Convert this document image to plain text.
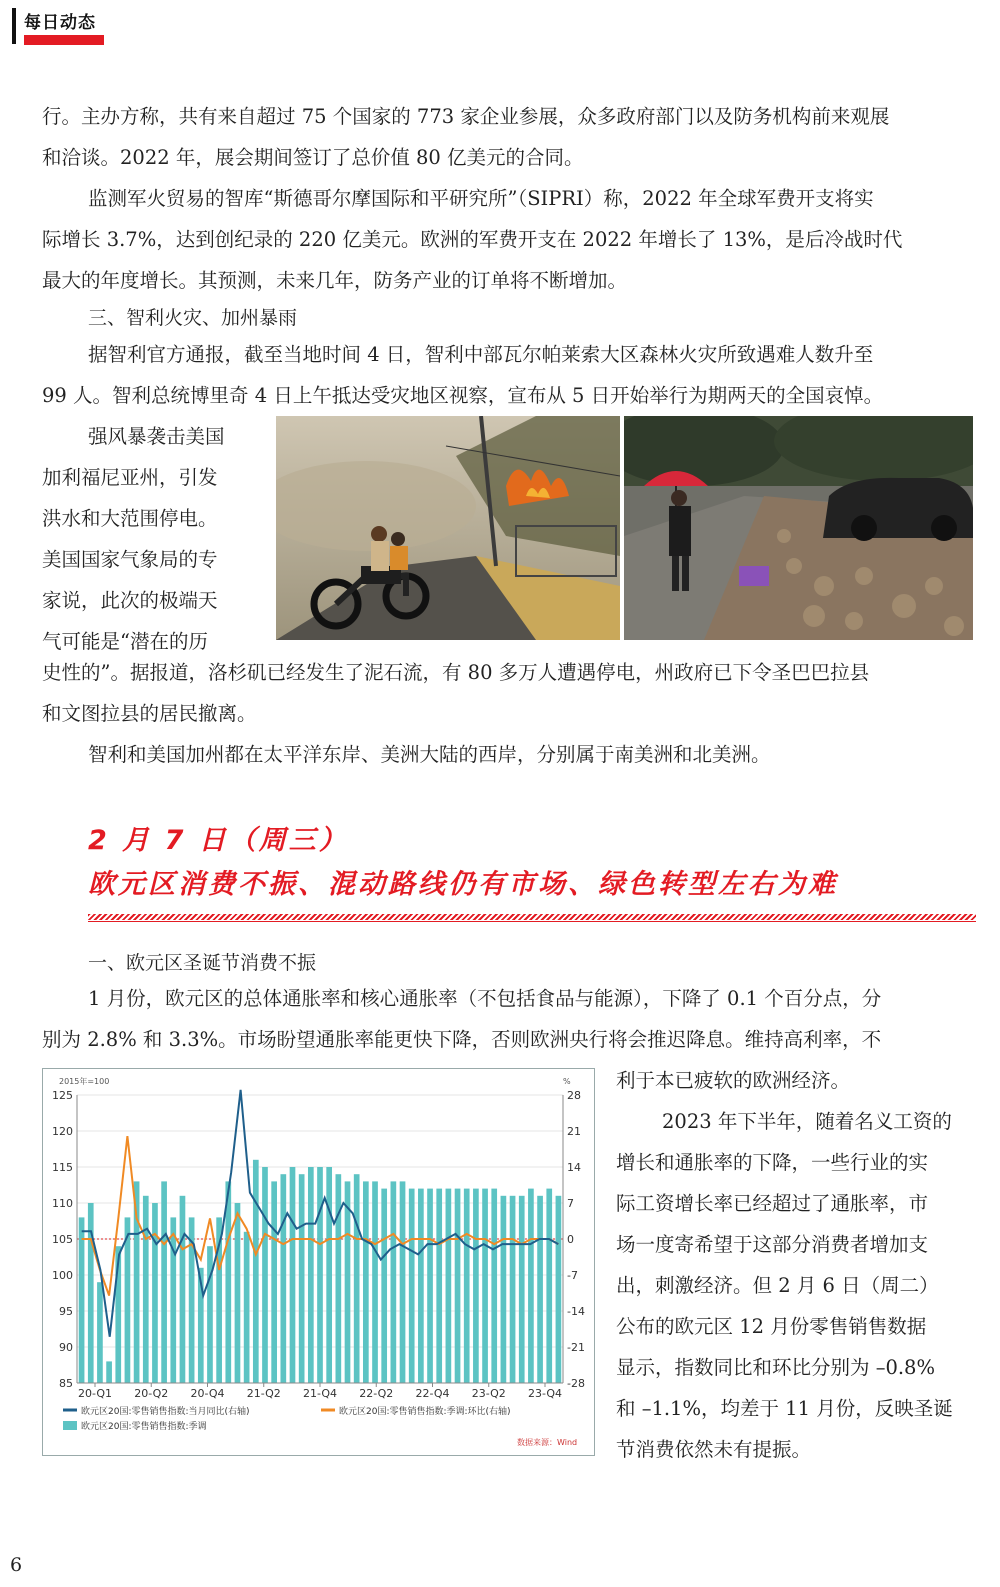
每日动态

行。主办方称，共有来自超过 75 个国家的 773 家企业参展，众多政府部门以及防务机构前来观展

和洽谈。2022 年，展会期间签订了总价值 80 亿美元的合同。

监测军火贸易的智库“斯德哥尔摩国际和平研究所”（SIPRI）称，2022 年全球军费开支将实

际增长 3.7%，达到创纪录的 220 亿美元。欧洲的军费开支在 2022 年增长了 13%，是后冷战时代

最大的年度增长。其预测，未来几年，防务产业的订单将不断增加。

三、智利火灾、加州暴雨

据智利官方通报，截至当地时间 4 日，智利中部瓦尔帕莱索大区森林火灾所致遇难人数升至

99 人。智利总统博里奇 4 日上午抵达受灾地区视察，宣布从 5 日开始举行为期两天的全国哀悼。

强风暴袭击美国

加利福尼亚州，引发

洪水和大范围停电。

美国国家气象局的专

家说，此次的极端天

气可能是“潜在的历

史性的”。据报道，洛杉矶已经发生了泥石流，有 80 多万人遭遇停电，州政府已下令圣巴巴拉县

和文图拉县的居民撤离。

智利和美国加州都在太平洋东岸、美洲大陆的西岸，分别属于南美洲和北美洲。

2 月 7 日（周三）
欧元区消费不振、混动路线仍有市场、绿色转型左右为难
一、欧元区圣诞节消费不振

1 月份，欧元区的总体通胀率和核心通胀率（不包括食品与能源），下降了 0.1 个百分点，分

别为 2.8% 和 3.3%。市场盼望通胀率能更快下降，否则欧洲央行将会推迟降息。维持高利率，不

利于本已疲软的欧洲经济。

2023 年下半年，随着名义工资的

增长和通胀率的下降，一些行业的实

际工资增长率已经超过了通胀率，市

场一度寄希望于这部分消费者增加支

出，刺激经济。但 2 月 6 日（周二）

公布的欧元区 12 月份零售销售数据

显示，指数同比和环比分别为 –0.8%

和 –1.1%，均差于 11 月份，反映圣诞

节消费依然未有提振。

2015年=100	%
85
90
95
100
105
110
115
120
125
-28
-21
-14
-7
0
7
14
21
28
20-Q1 20-Q2 20-Q4 21-Q2 21-Q4 22-Q2 22-Q4 23-Q2 23-Q4
欧元区20国:零售销售指数:当月同比(右轴)	欧元区20国:零售销售指数:季调:环比(右轴)
欧元区20国:零售销售指数:季调
数据来源：Wind
6
